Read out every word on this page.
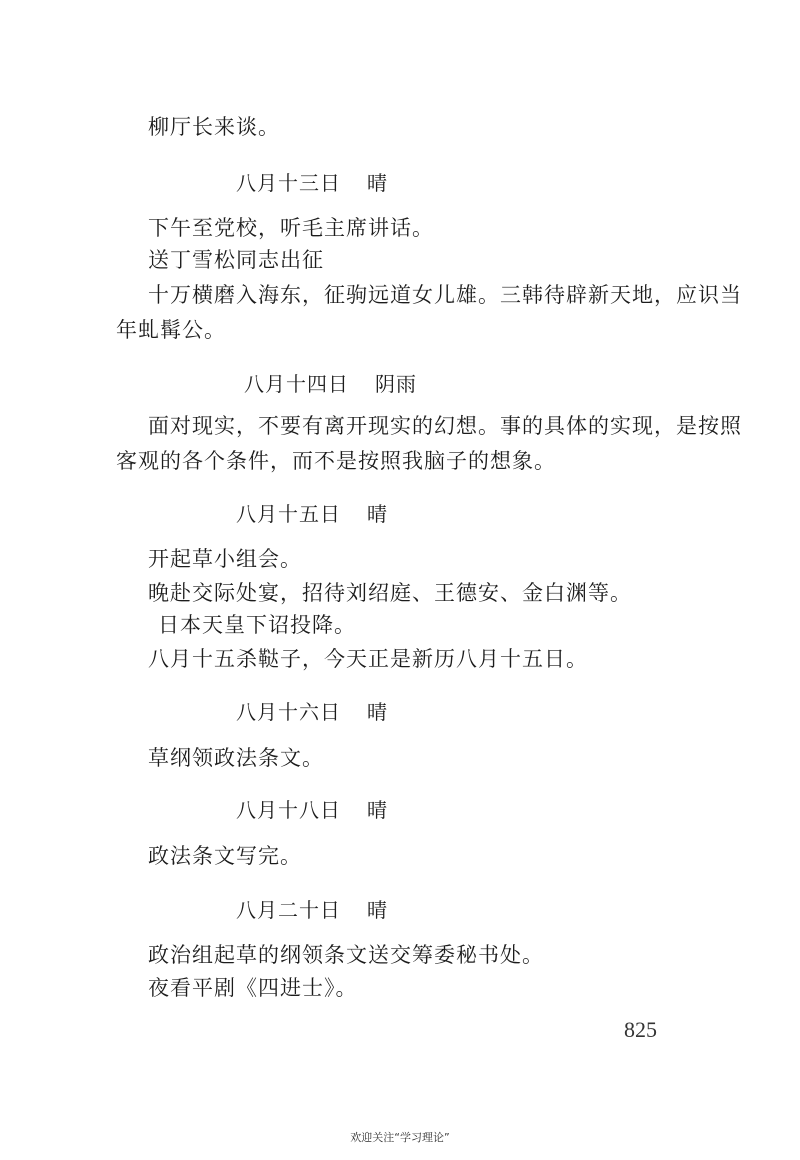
柳厅长来谈。
八月十三日 晴
下午至党校，听毛主席讲话。
送丁雪松同志出征
十万横磨入海东，征驹远道女儿雄。三韩待辟新天地，应识当
年虬髯公。
八月十四日 阴雨
面对现实，不要有离开现实的幻想。事的具体的实现，是按照
客观的各个条件，而不是按照我脑子的想象。
八月十五日 晴
开起草小组会。
晚赴交际处宴，招待刘绍庭、王德安、金白渊等。
日本天皇下诏投降。
八月十五杀鞑子，今天正是新历八月十五日。
八月十六日 晴
草纲领政法条文。
八月十八日 晴
政法条文写完。
八月二十日 晴
政治组起草的纲领条文送交筹委秘书处。
夜看平剧《四进士》。
825
欢迎关注“学习理论”
